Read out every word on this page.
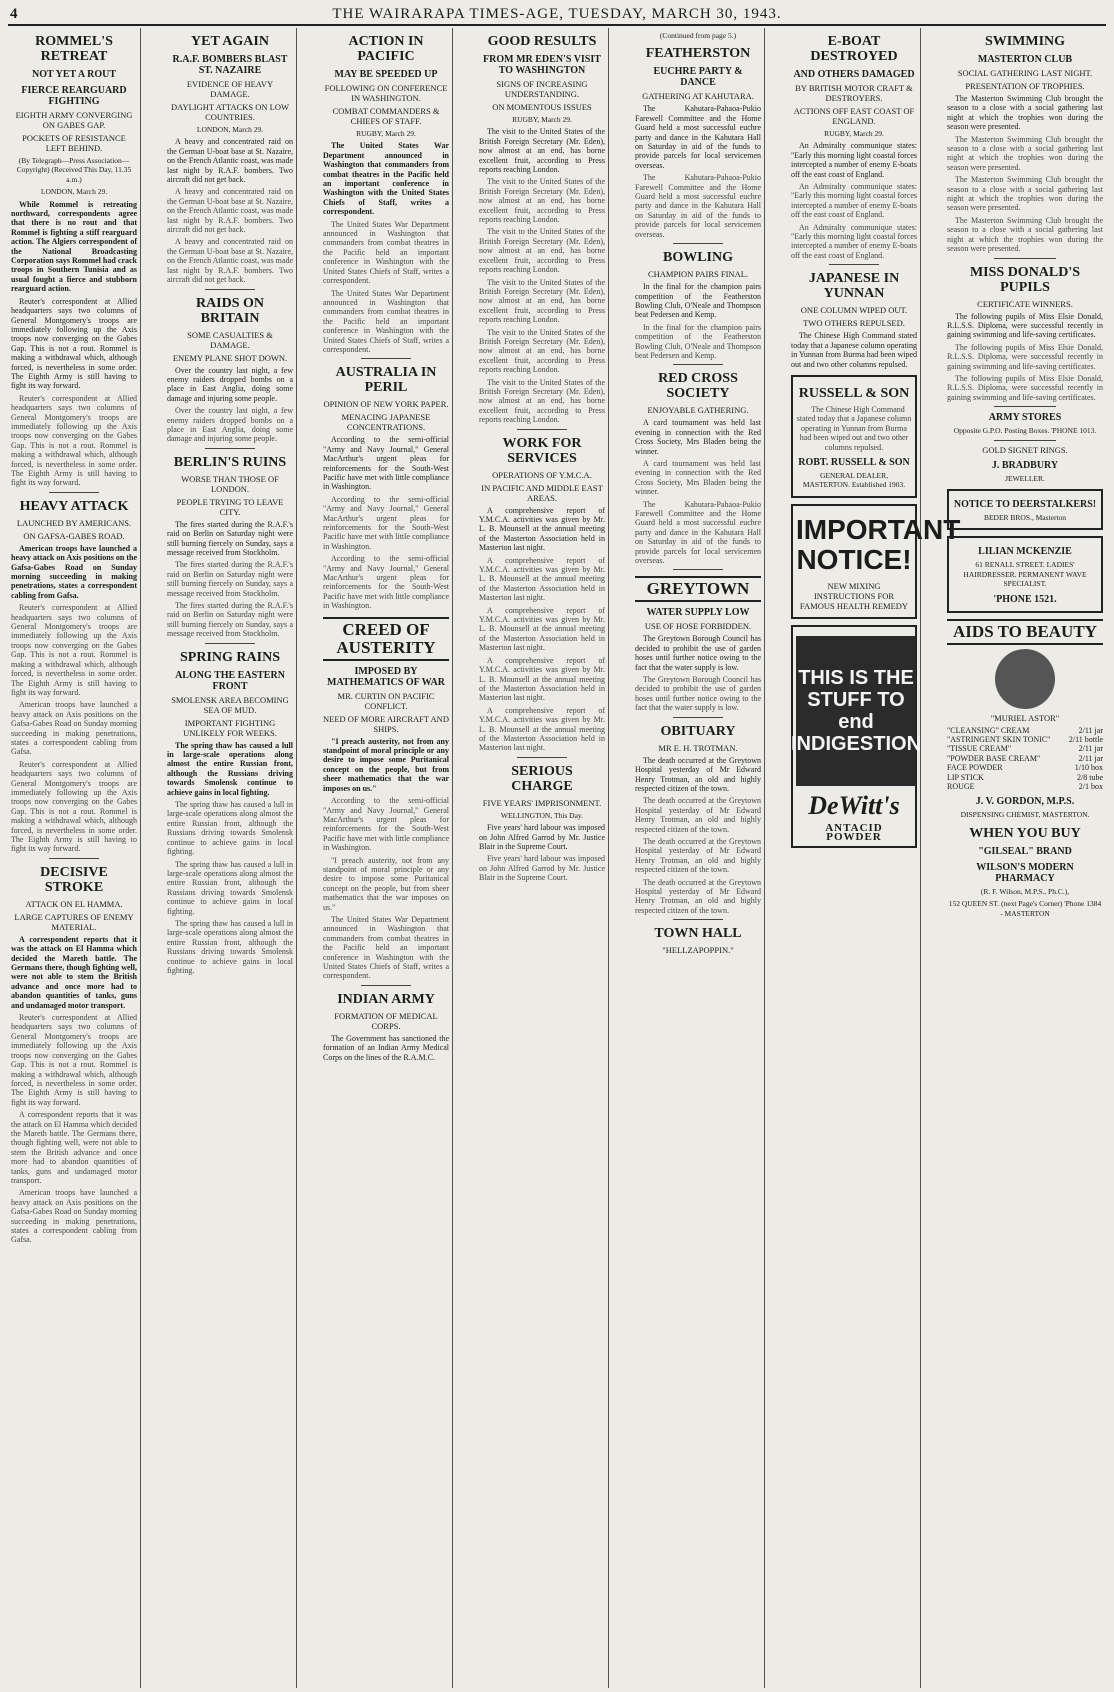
4	THE WAIRARAPA TIMES-AGE, TUESDAY, MARCH 30, 1943.
ROMMEL'S RETREAT
NOT YET A ROUT
FIERCE REARGUARD FIGHTING
EIGHTH ARMY CONVERGING ON GABES GAP.
POCKETS OF RESISTANCE LEFT BEHIND.
(By Telegraph—Press Association—Copyright) (Received This Day, 11.35 a.m.)
LONDON, March 29.

While Rommel is retreating northward, correspondents agree that there is no rout and that Rommel is fighting a stiff rearguard action. The Algiers correspondent of the National Broadcasting Corporation says Rommel had crack troops in Southern Tunisia and as usual fought a fierce and stubborn rearguard action.

Reuter's correspondent at Allied headquarters says two columns of General Montgomery's troops are immediately following up the Axis troops now converging on the Gabes Gap. This is not a rout. Rommel is making a withdrawal which, although forced, is nevertheless in some order. The Eighth Army is still having to fight its way forward.

Reuter's correspondent at Allied headquarters says two columns of General Montgomery's troops are immediately following up the Axis troops now converging on the Gabes Gap. This is not a rout. Rommel is making a withdrawal which, although forced, is nevertheless in some order. The Eighth Army is still having to fight its way forward.

HEAVY ATTACK
LAUNCHED BY AMERICANS.
ON GAFSA-GABES ROAD.

American troops have launched a heavy attack on Axis positions on the Gafsa-Gabes Road on Sunday morning succeeding in making penetrations, states a correspondent cabling from Gafsa.

Reuter's correspondent at Allied headquarters says two columns of General Montgomery's troops are immediately following up the Axis troops now converging on the Gabes Gap. This is not a rout. Rommel is making a withdrawal which, although forced, is nevertheless in some order. The Eighth Army is still having to fight its way forward.

American troops have launched a heavy attack on Axis positions on the Gafsa-Gabes Road on Sunday morning succeeding in making penetrations, states a correspondent cabling from Gafsa.

Reuter's correspondent at Allied headquarters says two columns of General Montgomery's troops are immediately following up the Axis troops now converging on the Gabes Gap. This is not a rout. Rommel is making a withdrawal which, although forced, is nevertheless in some order. The Eighth Army is still having to fight its way forward.

DECISIVE STROKE
ATTACK ON EL HAMMA.
LARGE CAPTURES OF ENEMY MATERIAL.

A correspondent reports that it was the attack on El Hamma which decided the Mareth battle. The Germans there, though fighting well, were not able to stem the British advance and once more had to abandon quantities of tanks, guns and undamaged motor transport.

Reuter's correspondent at Allied headquarters says two columns of General Montgomery's troops are immediately following up the Axis troops now converging on the Gabes Gap. This is not a rout. Rommel is making a withdrawal which, although forced, is nevertheless in some order. The Eighth Army is still having to fight its way forward.

A correspondent reports that it was the attack on El Hamma which decided the Mareth battle. The Germans there, though fighting well, were not able to stem the British advance and once more had to abandon quantities of tanks, guns and undamaged motor transport.

American troops have launched a heavy attack on Axis positions on the Gafsa-Gabes Road on Sunday morning succeeding in making penetrations, states a correspondent cabling from Gafsa.

YET AGAIN
R.A.F. BOMBERS BLAST ST. NAZAIRE
EVIDENCE OF HEAVY DAMAGE.
DAYLIGHT ATTACKS ON LOW COUNTRIES.
LONDON, March 29.

A heavy and concentrated raid on the German U-boat base at St. Nazaire, on the French Atlantic coast, was made last night by R.A.F. bombers. Two aircraft did not get back.

A heavy and concentrated raid on the German U-boat base at St. Nazaire, on the French Atlantic coast, was made last night by R.A.F. bombers. Two aircraft did not get back.

A heavy and concentrated raid on the German U-boat base at St. Nazaire, on the French Atlantic coast, was made last night by R.A.F. bombers. Two aircraft did not get back.

RAIDS ON BRITAIN
SOME CASUALTIES & DAMAGE.
ENEMY PLANE SHOT DOWN.

Over the country last night, a few enemy raiders dropped bombs on a place in East Anglia, doing some damage and injuring some people.

Over the country last night, a few enemy raiders dropped bombs on a place in East Anglia, doing some damage and injuring some people.

BERLIN'S RUINS
WORSE THAN THOSE OF LONDON.
PEOPLE TRYING TO LEAVE CITY.

The fires started during the R.A.F.'s raid on Berlin on Saturday night were still burning fiercely on Sunday, says a message received from Stockholm.

The fires started during the R.A.F.'s raid on Berlin on Saturday night were still burning fiercely on Sunday, says a message received from Stockholm.

The fires started during the R.A.F.'s raid on Berlin on Saturday night were still burning fiercely on Sunday, says a message received from Stockholm.

SPRING RAINS
ALONG THE EASTERN FRONT
SMOLENSK AREA BECOMING SEA OF MUD.
IMPORTANT FIGHTING UNLIKELY FOR WEEKS.

The spring thaw has caused a lull in large-scale operations along almost the entire Russian front, although the Russians driving towards Smolensk continue to achieve gains in local fighting.

The spring thaw has caused a lull in large-scale operations along almost the entire Russian front, although the Russians driving towards Smolensk continue to achieve gains in local fighting.

The spring thaw has caused a lull in large-scale operations along almost the entire Russian front, although the Russians driving towards Smolensk continue to achieve gains in local fighting.

The spring thaw has caused a lull in large-scale operations along almost the entire Russian front, although the Russians driving towards Smolensk continue to achieve gains in local fighting.

ACTION IN PACIFIC
MAY BE SPEEDED UP
FOLLOWING ON CONFERENCE IN WASHINGTON.
COMBAT COMMANDERS & CHIEFS OF STAFF.
RUGBY, March 29.

The United States War Department announced in Washington that commanders from combat theatres in the Pacific held an important conference in Washington with the United States Chiefs of Staff, writes a correspondent.

The United States War Department announced in Washington that commanders from combat theatres in the Pacific held an important conference in Washington with the United States Chiefs of Staff, writes a correspondent.

The United States War Department announced in Washington that commanders from combat theatres in the Pacific held an important conference in Washington with the United States Chiefs of Staff, writes a correspondent.

AUSTRALIA IN PERIL
OPINION OF NEW YORK PAPER.
MENACING JAPANESE CONCENTRATIONS.

According to the semi-official "Army and Navy Journal," General MacArthur's urgent pleas for reinforcements for the South-West Pacific have met with little compliance in Washington.

According to the semi-official "Army and Navy Journal," General MacArthur's urgent pleas for reinforcements for the South-West Pacific have met with little compliance in Washington.

According to the semi-official "Army and Navy Journal," General MacArthur's urgent pleas for reinforcements for the South-West Pacific have met with little compliance in Washington.

CREED OF AUSTERITY
IMPOSED BY MATHEMATICS OF WAR
MR. CURTIN ON PACIFIC CONFLICT.
NEED OF MORE AIRCRAFT AND SHIPS.

"I preach austerity, not from any standpoint of moral principle or any desire to impose some Puritanical concept on the people, but from sheer mathematics that the war imposes on us."

According to the semi-official "Army and Navy Journal," General MacArthur's urgent pleas for reinforcements for the South-West Pacific have met with little compliance in Washington.

"I preach austerity, not from any standpoint of moral principle or any desire to impose some Puritanical concept on the people, but from sheer mathematics that the war imposes on us."

The United States War Department announced in Washington that commanders from combat theatres in the Pacific held an important conference in Washington with the United States Chiefs of Staff, writes a correspondent.

INDIAN ARMY
FORMATION OF MEDICAL CORPS.

The Government has sanctioned the formation of an Indian Army Medical Corps on the lines of the R.A.M.C.

GOOD RESULTS
FROM MR EDEN'S VISIT TO WASHINGTON
SIGNS OF INCREASING UNDERSTANDING.
ON MOMENTOUS ISSUES
RUGBY, March 29.

The visit to the United States of the British Foreign Secretary (Mr. Eden), now almost at an end, has borne excellent fruit, according to Press reports reaching London.

The visit to the United States of the British Foreign Secretary (Mr. Eden), now almost at an end, has borne excellent fruit, according to Press reports reaching London.

The visit to the United States of the British Foreign Secretary (Mr. Eden), now almost at an end, has borne excellent fruit, according to Press reports reaching London.

The visit to the United States of the British Foreign Secretary (Mr. Eden), now almost at an end, has borne excellent fruit, according to Press reports reaching London.

The visit to the United States of the British Foreign Secretary (Mr. Eden), now almost at an end, has borne excellent fruit, according to Press reports reaching London.

The visit to the United States of the British Foreign Secretary (Mr. Eden), now almost at an end, has borne excellent fruit, according to Press reports reaching London.

WORK FOR SERVICES
OPERATIONS OF Y.M.C.A.
IN PACIFIC AND MIDDLE EAST AREAS.

A comprehensive report of Y.M.C.A. activities was given by Mr. L. B. Mounsell at the annual meeting of the Masterton Association held in Masterton last night.

A comprehensive report of Y.M.C.A. activities was given by Mr. L. B. Mounsell at the annual meeting of the Masterton Association held in Masterton last night.

A comprehensive report of Y.M.C.A. activities was given by Mr. L. B. Mounsell at the annual meeting of the Masterton Association held in Masterton last night.

A comprehensive report of Y.M.C.A. activities was given by Mr. L. B. Mounsell at the annual meeting of the Masterton Association held in Masterton last night.

A comprehensive report of Y.M.C.A. activities was given by Mr. L. B. Mounsell at the annual meeting of the Masterton Association held in Masterton last night.

SERIOUS CHARGE
FIVE YEARS' IMPRISONMENT.
WELLINGTON, This Day.

Five years' hard labour was imposed on John Alfred Garrod by Mr. Justice Blair in the Supreme Court.

Five years' hard labour was imposed on John Alfred Garrod by Mr. Justice Blair in the Supreme Court.

(Continued from page 5.)
FEATHERSTON
EUCHRE PARTY & DANCE
GATHERING AT KAHUTARA.

The Kahutara-Pahaoa-Pukio Farewell Committee and the Home Guard held a most successful euchre party and dance in the Kahutara Hall on Saturday in aid of the funds to provide parcels for local servicemen overseas.

The Kahutara-Pahaoa-Pukio Farewell Committee and the Home Guard held a most successful euchre party and dance in the Kahutara Hall on Saturday in aid of the funds to provide parcels for local servicemen overseas.

BOWLING
CHAMPION PAIRS FINAL.

In the final for the champion pairs competition of the Featherston Bowling Club, O'Neale and Thompson beat Pedersen and Kemp.

In the final for the champion pairs competition of the Featherston Bowling Club, O'Neale and Thompson beat Pedersen and Kemp.

RED CROSS SOCIETY
ENJOYABLE GATHERING.

A card tournament was held last evening in connection with the Red Cross Society, Mrs Bladen being the winner.

A card tournament was held last evening in connection with the Red Cross Society, Mrs Bladen being the winner.

The Kahutara-Pahaoa-Pukio Farewell Committee and the Home Guard held a most successful euchre party and dance in the Kahutara Hall on Saturday in aid of the funds to provide parcels for local servicemen overseas.

GREYTOWN
WATER SUPPLY LOW
USE OF HOSE FORBIDDEN.

The Greytown Borough Council has decided to prohibit the use of garden hoses until further notice owing to the fact that the water supply is low.

The Greytown Borough Council has decided to prohibit the use of garden hoses until further notice owing to the fact that the water supply is low.

OBITUARY
MR E. H. TROTMAN.

The death occurred at the Greytown Hospital yesterday of Mr Edward Henry Trotman, an old and highly respected citizen of the town.

The death occurred at the Greytown Hospital yesterday of Mr Edward Henry Trotman, an old and highly respected citizen of the town.

The death occurred at the Greytown Hospital yesterday of Mr Edward Henry Trotman, an old and highly respected citizen of the town.

The death occurred at the Greytown Hospital yesterday of Mr Edward Henry Trotman, an old and highly respected citizen of the town.

TOWN HALL
"HELLZAPOPPIN."
E-BOAT DESTROYED
AND OTHERS DAMAGED
BY BRITISH MOTOR CRAFT & DESTROYERS.
ACTIONS OFF EAST COAST OF ENGLAND.
RUGBY, March 29.

An Admiralty communique states: "Early this morning light coastal forces intercepted a number of enemy E-boats off the east coast of England.

An Admiralty communique states: "Early this morning light coastal forces intercepted a number of enemy E-boats off the east coast of England.

An Admiralty communique states: "Early this morning light coastal forces intercepted a number of enemy E-boats off the east coast of England.

JAPANESE IN YUNNAN
ONE COLUMN WIPED OUT.
TWO OTHERS REPULSED.

The Chinese High Command stated today that a Japanese column operating in Yunnan from Burma had been wiped out and two other columns repulsed.

RUSSELL & SON

The Chinese High Command stated today that a Japanese column operating in Yunnan from Burma had been wiped out and two other columns repulsed.

ROBT. RUSSELL & SON
GENERAL DEALER, MASTERTON. Established 1903.
IMPORTANT NOTICE!
NEW MIXING INSTRUCTIONS FOR FAMOUS HEALTH REMEDY
THIS IS THE STUFF TO end INDIGESTION
DeWitt's
ANTACID POWDER
SWIMMING
MASTERTON CLUB
SOCIAL GATHERING LAST NIGHT.
PRESENTATION OF TROPHIES.

The Masterton Swimming Club brought the season to a close with a social gathering last night at which the trophies won during the season were presented.

The Masterton Swimming Club brought the season to a close with a social gathering last night at which the trophies won during the season were presented.

The Masterton Swimming Club brought the season to a close with a social gathering last night at which the trophies won during the season were presented.

The Masterton Swimming Club brought the season to a close with a social gathering last night at which the trophies won during the season were presented.

MISS DONALD'S PUPILS
CERTIFICATE WINNERS.

The following pupils of Miss Elsie Donald, R.L.S.S. Diploma, were successful recently in gaining swimming and life-saving certificates.

The following pupils of Miss Elsie Donald, R.L.S.S. Diploma, were successful recently in gaining swimming and life-saving certificates.

The following pupils of Miss Elsie Donald, R.L.S.S. Diploma, were successful recently in gaining swimming and life-saving certificates.

ARMY STORES
Opposite G.P.O. Posting Boxes. 'PHONE 1013.
GOLD SIGNET RINGS.
J. BRADBURY
JEWELLER.
NOTICE TO DEERSTALKERS!
BEDER BROS., Masterton
LILIAN MCKENZIE
61 RENALL STREET. LADIES' HAIRDRESSER. PERMANENT WAVE SPECIALIST.
'PHONE 1521.
AIDS TO BEAUTY
"MURIEL ASTOR"
"CLEANSING" CREAM	2/11 jar
"ASTRINGENT SKIN TONIC" 2/11 bottle
"TISSUE CREAM"	2/11 jar
"POWDER BASE CREAM"	2/11 jar
FACE POWDER	1/10 box
LIP STICK	2/8 tube
ROUGE	2/1 box
J. V. GORDON, M.P.S.
DISPENSING CHEMIST, MASTERTON.
WHEN YOU BUY
"GILSEAL" BRAND
WILSON'S MODERN PHARMACY
(R. F. Wilson, M.P.S., Ph.C.),
152 QUEEN ST. (next Page's Corner) 'Phone 1384 - MASTERTON
